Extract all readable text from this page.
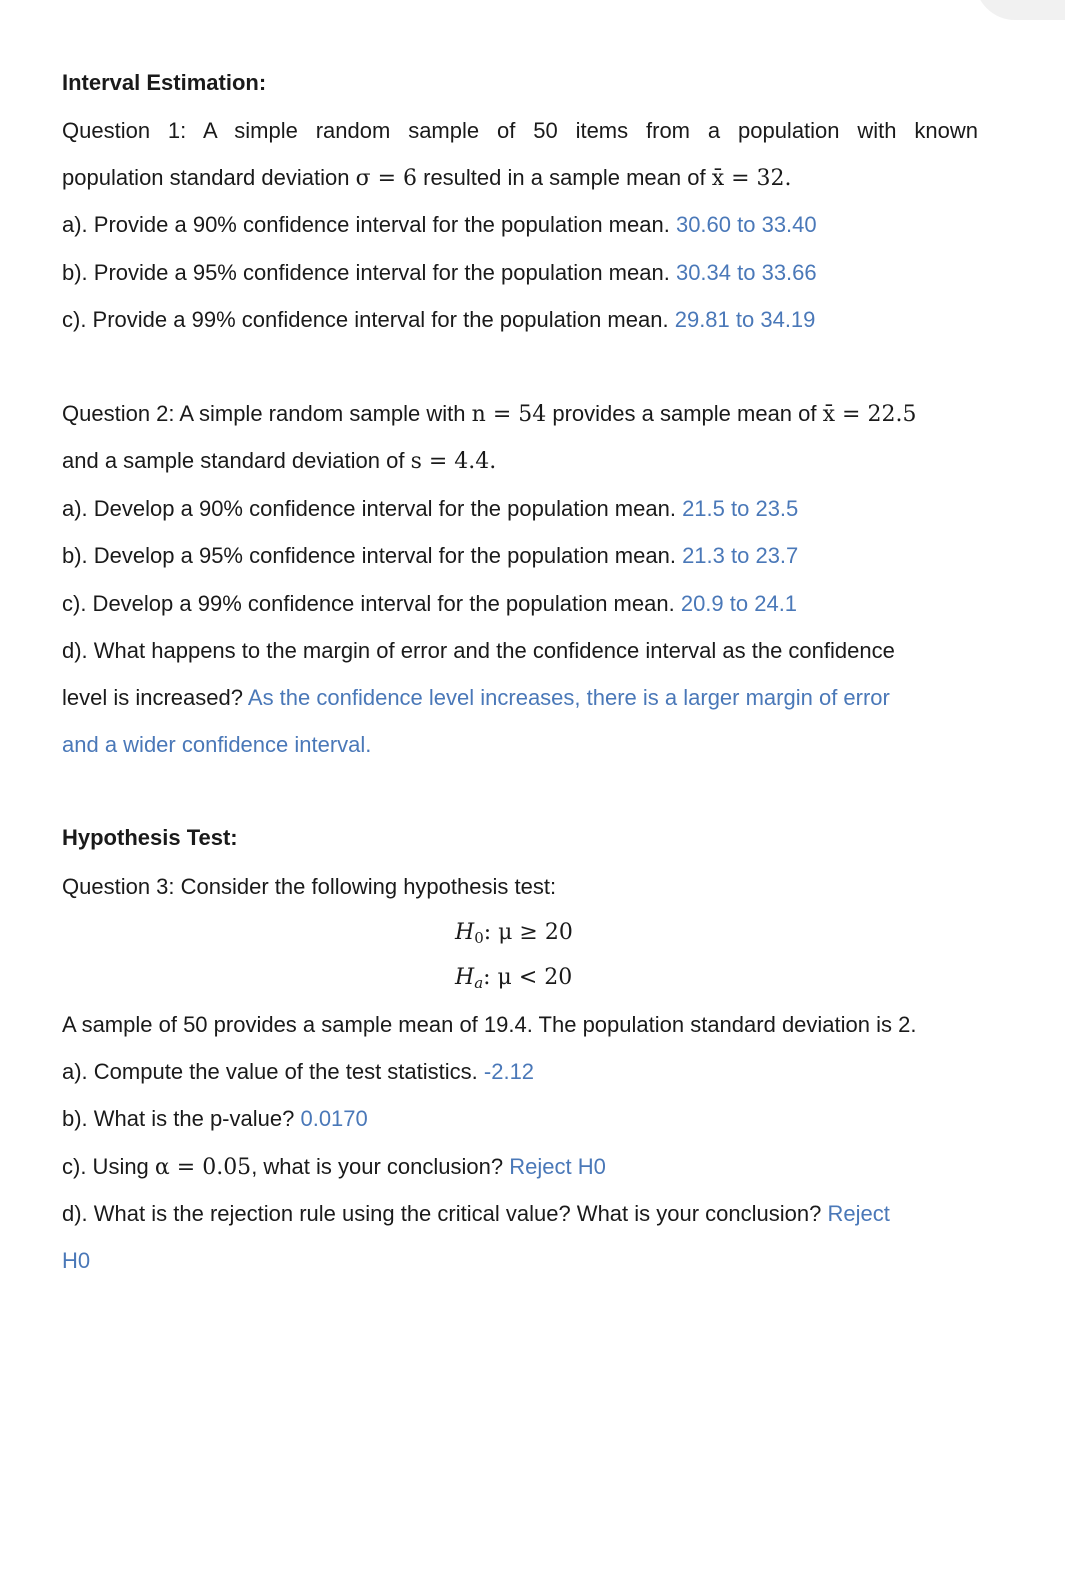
Interval Estimation:
Question 1: A simple random sample of 50 items from a population with known
population standard deviation σ = 6 resulted in a sample mean of x̄ = 32.
a). Provide a 90% confidence interval for the population mean. 30.60 to 33.40
b). Provide a 95% confidence interval for the population mean. 30.34 to 33.66
c). Provide a 99% confidence interval for the population mean. 29.81 to 34.19
Question 2: A simple random sample with n = 54 provides a sample mean of x̄ = 22.5
and a sample standard deviation of s = 4.4.
a). Develop a 90% confidence interval for the population mean. 21.5 to 23.5
b). Develop a 95% confidence interval for the population mean. 21.3 to 23.7
c). Develop a 99% confidence interval for the population mean. 20.9 to 24.1
d). What happens to the margin of error and the confidence interval as the confidence
level is increased? As the confidence level increases, there is a larger margin of error
and a wider confidence interval.
Hypothesis Test:
Question 3: Consider the following hypothesis test:
$H_0$: μ ≥ 20
$H_a$: μ < 20
A sample of 50 provides a sample mean of 19.4. The population standard deviation is 2.
a). Compute the value of the test statistics. -2.12
b). What is the p-value? 0.0170
c). Using α = 0.05, what is your conclusion? Reject H0
d). What is the rejection rule using the critical value? What is your conclusion? Reject
H0
